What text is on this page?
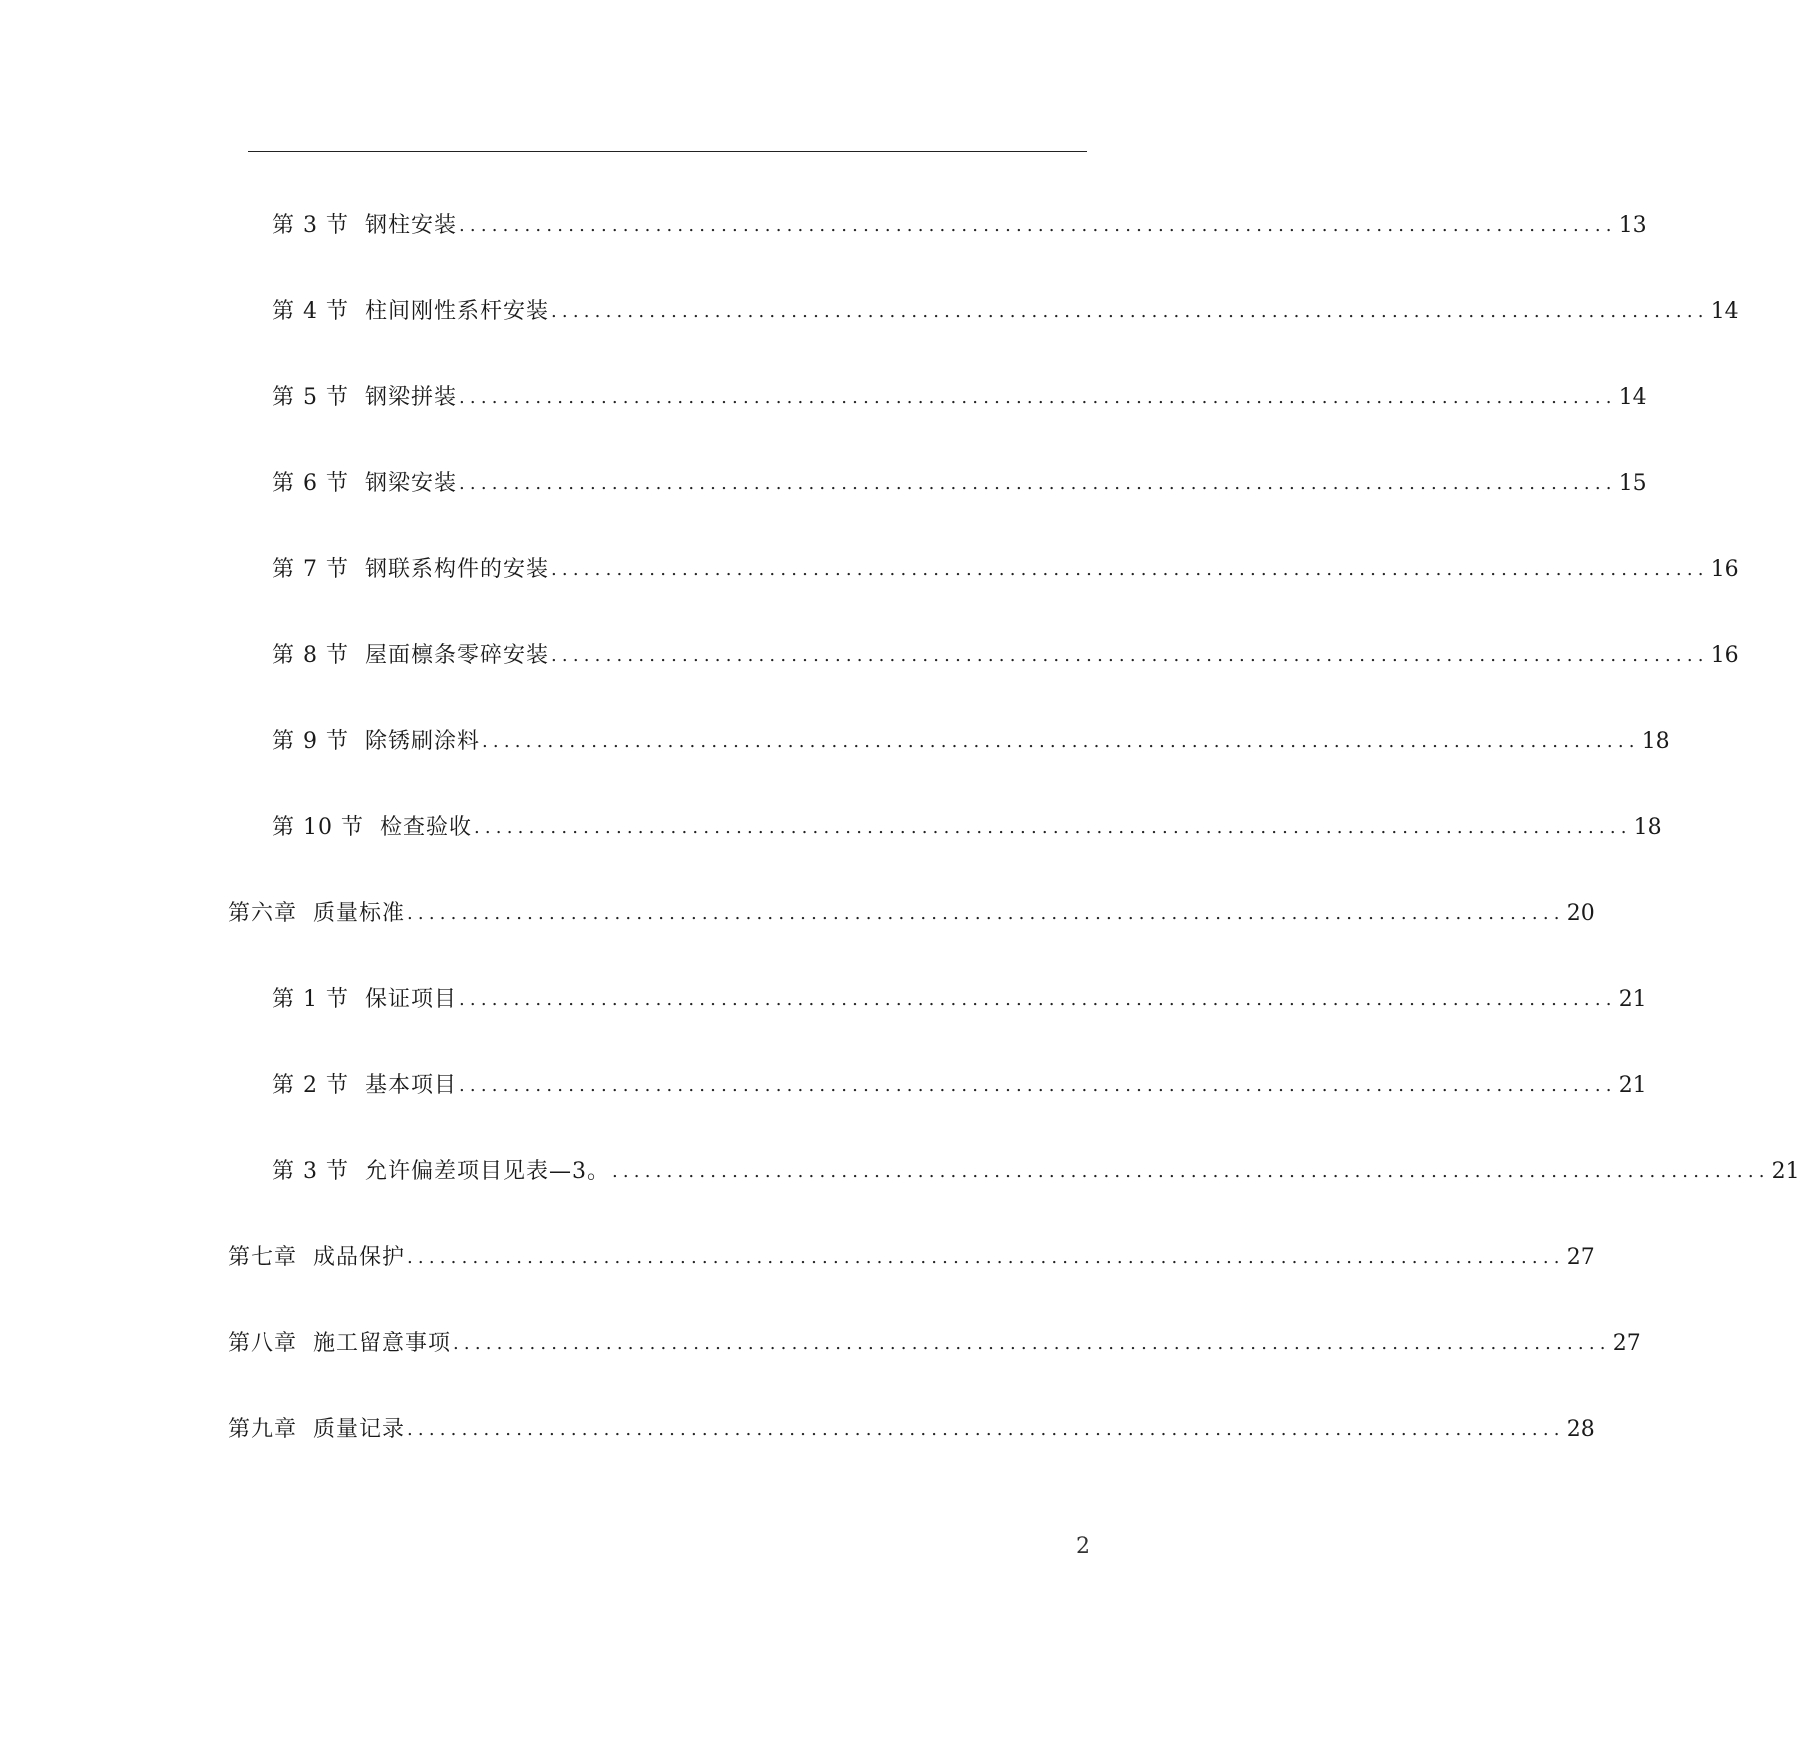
第 3 节  钢柱安装 .......................................................................................................... 13
第 4 节  柱间刚性系杆安装 .......................................................................................................... 14
第 5 节  钢梁拼装 .......................................................................................................... 14
第 6 节  钢梁安装 .......................................................................................................... 15
第 7 节  钢联系构件的安装 .......................................................................................................... 16
第 8 节  屋面檩条零碎安装 .......................................................................................................... 16
第 9 节  除锈刷涂料 .......................................................................................................... 18
第 10 节  检查验收 .......................................................................................................... 18
第六章  质量标准 .......................................................................................................... 20
第 1 节  保证项目 .......................................................................................................... 21
第 2 节  基本项目 .......................................................................................................... 21
第 3 节  允许偏差项目见表—3。 .......................................................................................................... 21
第七章  成品保护 .......................................................................................................... 27
第八章  施工留意事项 .......................................................................................................... 27
第九章  质量记录 .......................................................................................................... 28
2
